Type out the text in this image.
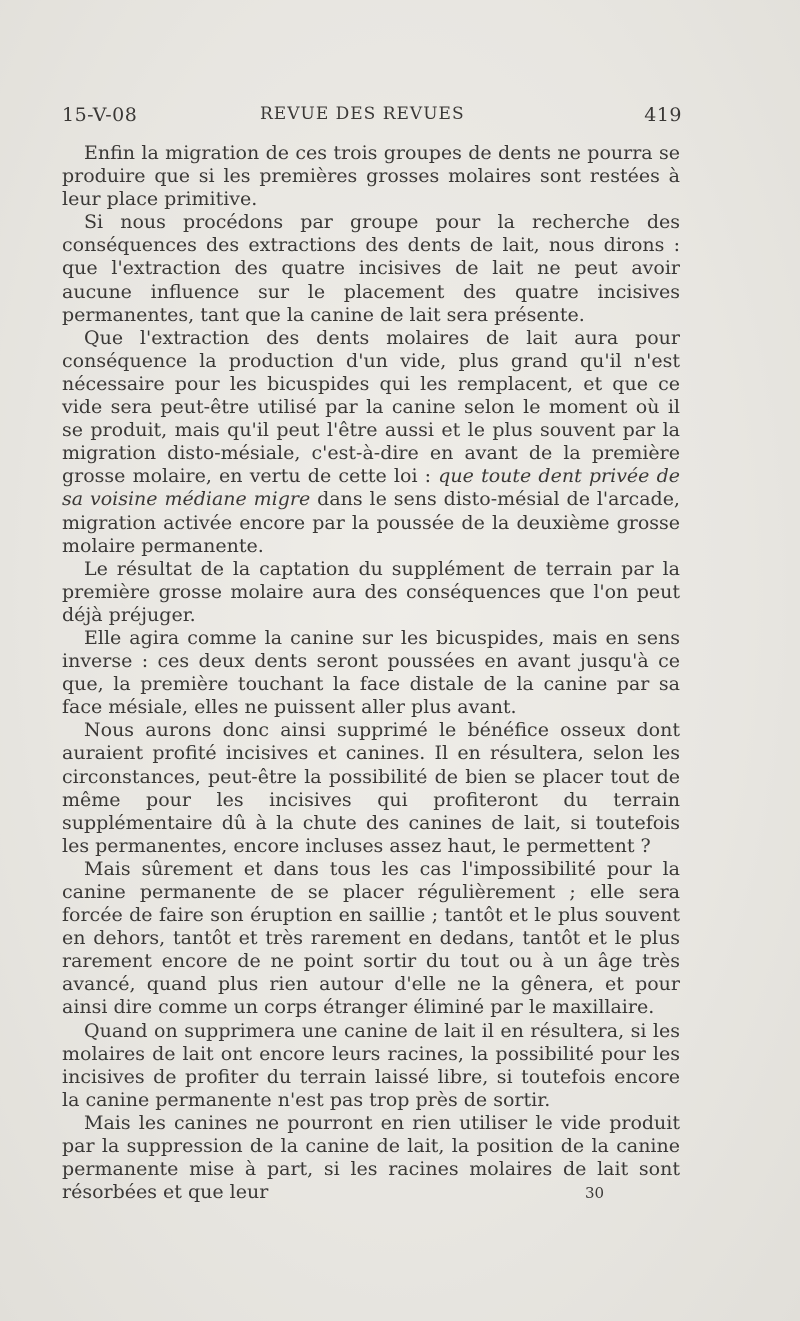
15-V-08	REVUE DES REVUES	419

Enfin la migration de ces trois groupes de dents ne pourra se produire que si les premières grosses molaires sont restées à leur place primitive.

Si nous procédons par groupe pour la recherche des conséquences des extractions des dents de lait, nous dirons : que l'extraction des quatre incisives de lait ne peut avoir aucune influence sur le placement des quatre incisives permanentes, tant que la canine de lait sera présente.

Que l'extraction des dents molaires de lait aura pour conséquence la production d'un vide, plus grand qu'il n'est nécessaire pour les bicuspides qui les remplacent, et que ce vide sera peut-être utilisé par la canine selon le moment où il se produit, mais qu'il peut l'être aussi et le plus souvent par la migration disto-mésiale, c'est-à-dire en avant de la première grosse molaire, en vertu de cette loi : que toute dent privée de sa voisine médiane migre dans le sens disto-mésial de l'arcade, migration activée encore par la poussée de la deuxième grosse molaire permanente.

Le résultat de la captation du supplément de terrain par la première grosse molaire aura des conséquences que l'on peut déjà préjuger.

Elle agira comme la canine sur les bicuspides, mais en sens inverse : ces deux dents seront poussées en avant jusqu'à ce que, la première touchant la face distale de la canine par sa face mésiale, elles ne puissent aller plus avant.

Nous aurons donc ainsi supprimé le bénéfice osseux dont auraient profité incisives et canines. Il en résultera, selon les circonstances, peut-être la possibilité de bien se placer tout de même pour les incisives qui profiteront du terrain supplémentaire dû à la chute des canines de lait, si toutefois les permanentes, encore incluses assez haut, le permettent ?

Mais sûrement et dans tous les cas l'impossibilité pour la canine permanente de se placer régulièrement ; elle sera forcée de faire son éruption en saillie ; tantôt et le plus souvent en dehors, tantôt et très rarement en dedans, tantôt et le plus rarement encore de ne point sortir du tout ou à un âge très avancé, quand plus rien autour d'elle ne la gênera, et pour ainsi dire comme un corps étranger éliminé par le maxillaire.

Quand on supprimera une canine de lait il en résultera, si les molaires de lait ont encore leurs racines, la possibilité pour les incisives de profiter du terrain laissé libre, si toutefois encore la canine permanente n'est pas trop près de sortir.

Mais les canines ne pourront en rien utiliser le vide produit par la suppression de la canine de lait, la position de la canine permanente mise à part, si les racines molaires de lait sont résorbées et que leur	30
